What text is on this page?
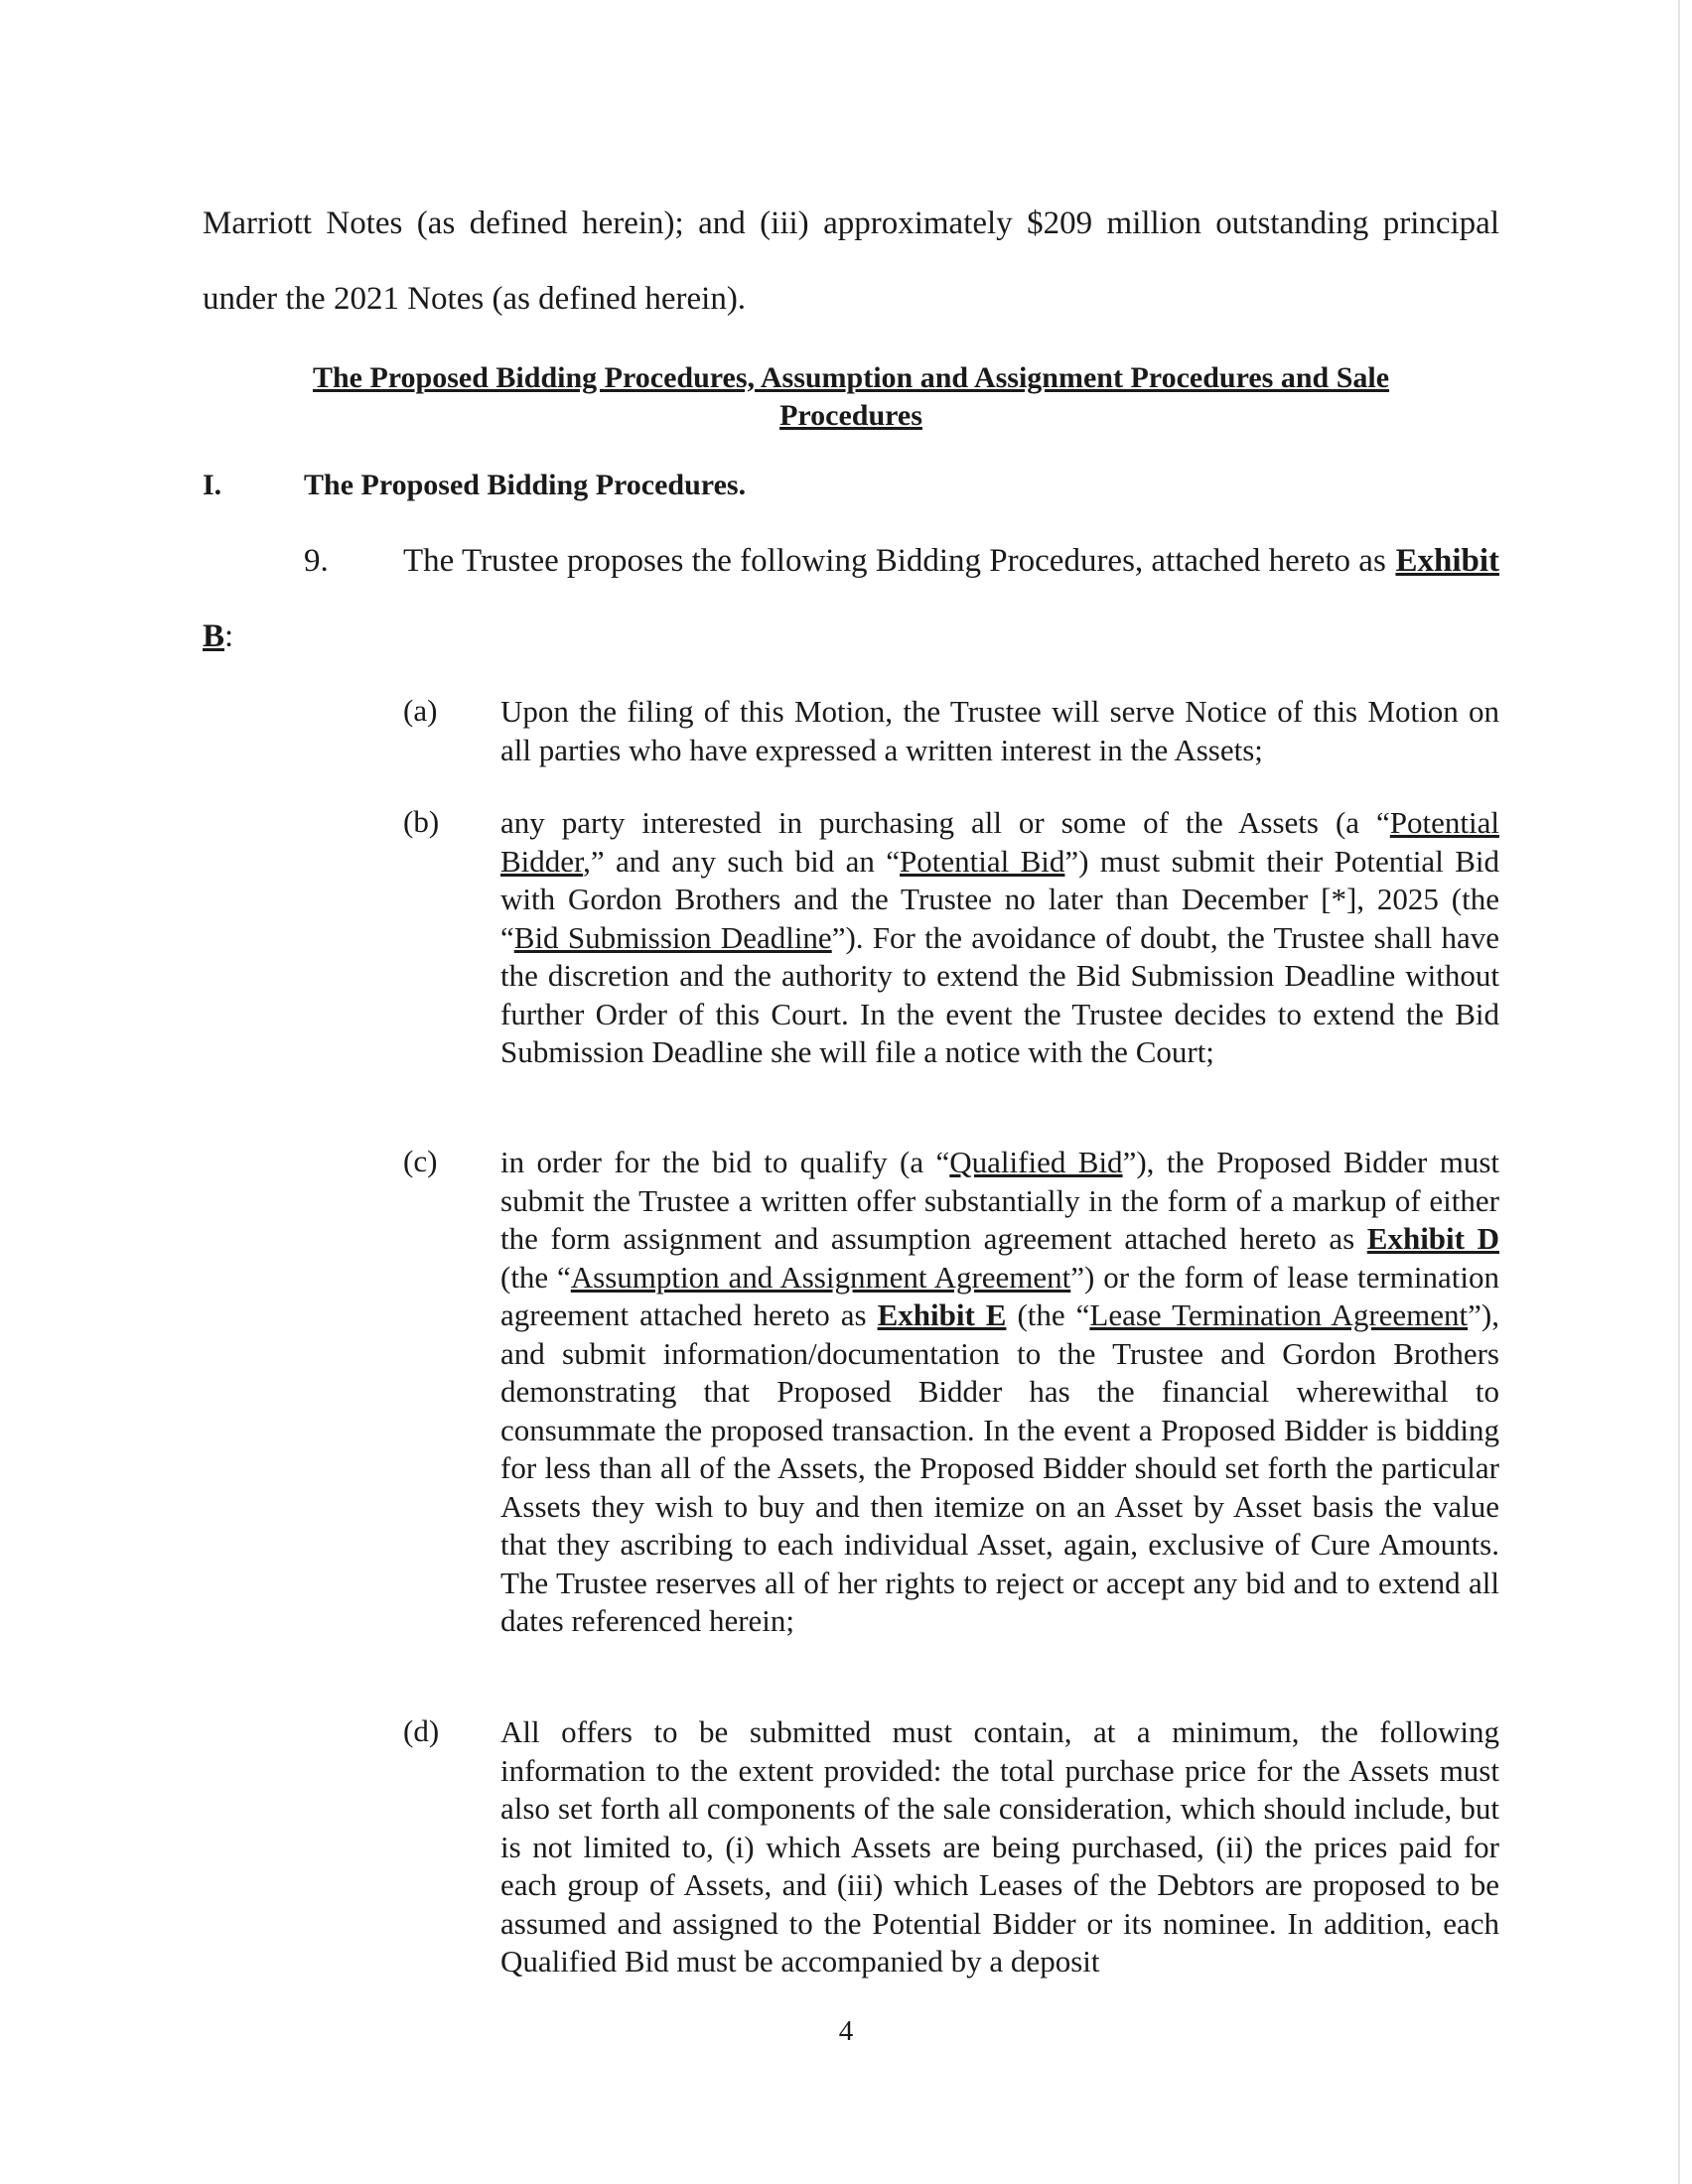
Marriott Notes (as defined herein); and (iii) approximately $209 million outstanding principal
under the 2021 Notes (as defined herein).
The Proposed Bidding Procedures, Assumption and Assignment Procedures and Sale
Procedures
I.	The Proposed Bidding Procedures.
9. The Trustee proposes the following Bidding Procedures, attached hereto as Exhibit
B:
(a) Upon the filing of this Motion, the Trustee will serve Notice of this Motion on all parties who have expressed a written interest in the Assets;
(b) any party interested in purchasing all or some of the Assets (a “Potential Bidder,” and any such bid an “Potential Bid”) must submit their Potential Bid with Gordon Brothers and the Trustee no later than December [*], 2025 (the “Bid Submission Deadline”). For the avoidance of doubt, the Trustee shall have the discretion and the authority to extend the Bid Submission Deadline without further Order of this Court. In the event the Trustee decides to extend the Bid Submission Deadline she will file a notice with the Court;
(c) in order for the bid to qualify (a “Qualified Bid”), the Proposed Bidder must submit the Trustee a written offer substantially in the form of a markup of either the form assignment and assumption agreement attached hereto as Exhibit D (the “Assumption and Assignment Agreement”) or the form of lease termination agreement attached hereto as Exhibit E (the “Lease Termination Agreement”), and submit information/documentation to the Trustee and Gordon Brothers demonstrating that Proposed Bidder has the financial wherewithal to consummate the proposed transaction. In the event a Proposed Bidder is bidding for less than all of the Assets, the Proposed Bidder should set forth the particular Assets they wish to buy and then itemize on an Asset by Asset basis the value that they ascribing to each individual Asset, again, exclusive of Cure Amounts. The Trustee reserves all of her rights to reject or accept any bid and to extend all dates referenced herein;
(d) All offers to be submitted must contain, at a minimum, the following information to the extent provided: the total purchase price for the Assets must also set forth all components of the sale consideration, which should include, but is not limited to, (i) which Assets are being purchased, (ii) the prices paid for each group of Assets, and (iii) which Leases of the Debtors are proposed to be assumed and assigned to the Potential Bidder or its nominee. In addition, each Qualified Bid must be accompanied by a deposit
4
